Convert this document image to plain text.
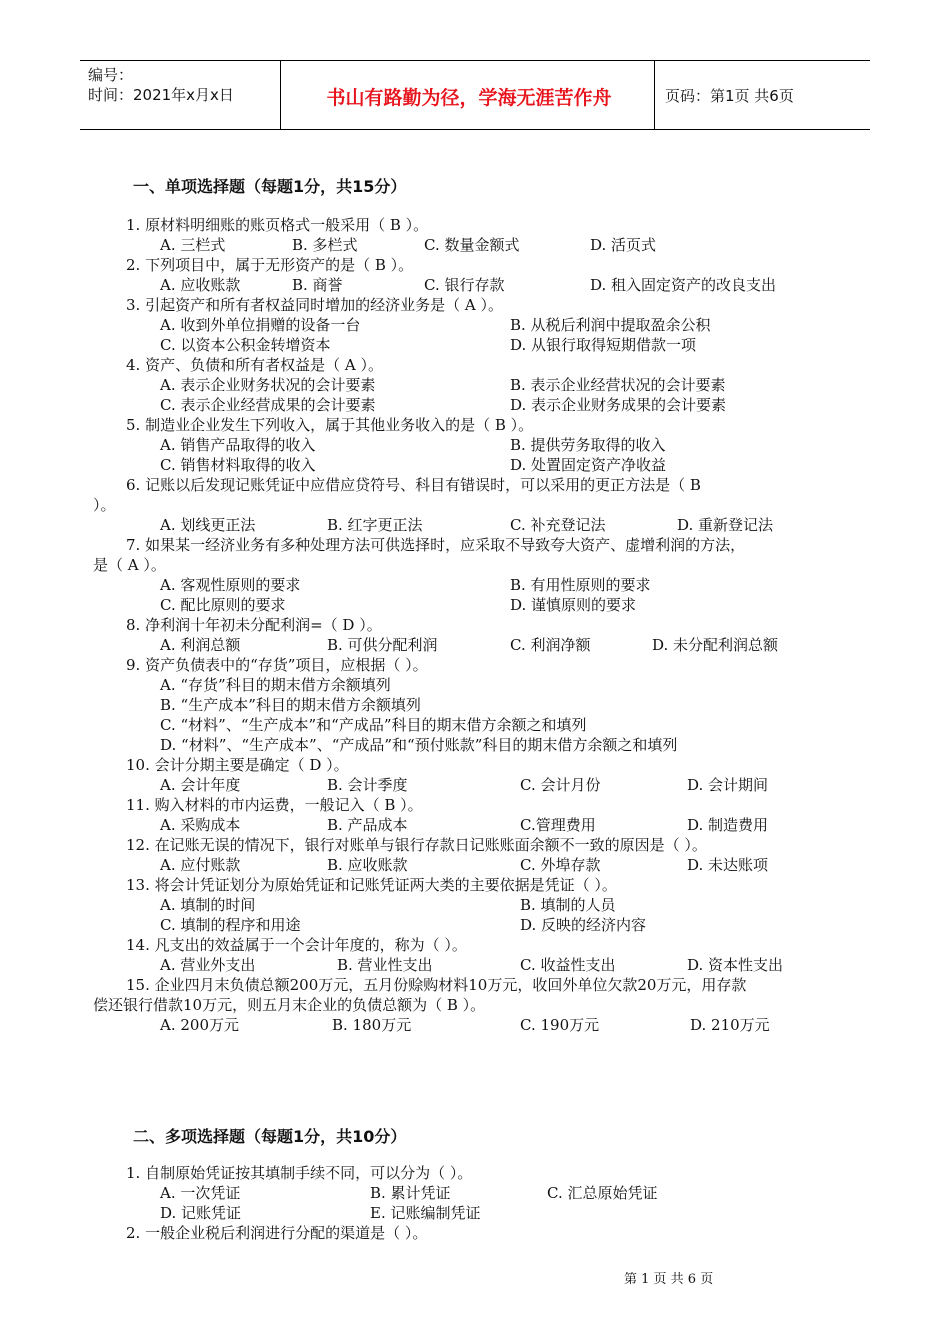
编号：
时间：2021年x月x日	书山有路勤为径，学海无涯苦作舟	页码：第1页 共6页
一、单项选择题（每题1分，共15分）
1. 原材料明细账的账页格式一般采用（ B ）。
A. 三栏式	B. 多栏式	C. 数量金额式	D. 活页式
2. 下列项目中，属于无形资产的是（ B ）。
A. 应收账款	B. 商誉	C. 银行存款	D. 租入固定资产的改良支出
3. 引起资产和所有者权益同时增加的经济业务是（ A ）。
A. 收到外单位捐赠的设备一台	B. 从税后利润中提取盈余公积
C. 以资本公积金转增资本	D. 从银行取得短期借款一项
4. 资产、负债和所有者权益是（ A ）。
A. 表示企业财务状况的会计要素	B. 表示企业经营状况的会计要素
C. 表示企业经营成果的会计要素	D. 表示企业财务成果的会计要素
5. 制造业企业发生下列收入，属于其他业务收入的是（ B ）。
A. 销售产品取得的收入	B. 提供劳务取得的收入
C. 销售材料取得的收入	D. 处置固定资产净收益
6. 记账以后发现记账凭证中应借应贷符号、科目有错误时，可以采用的更正方法是（ B
）。
A. 划线更正法	B. 红字更正法	C. 补充登记法	D. 重新登记法
7. 如果某一经济业务有多种处理方法可供选择时，应采取不导致夸大资产、虚增利润的方法，
是（ A ）。
A. 客观性原则的要求	B. 有用性原则的要求
C. 配比原则的要求	D. 谨慎原则的要求
8. 净利润十年初未分配利润=（ D ）。
A. 利润总额	B. 可供分配利润	C. 利润净额	D. 未分配利润总额
9. 资产负债表中的“存货”项目，应根据（ ）。
A. “存货”科目的期末借方余额填列
B. “生产成本”科目的期末借方余额填列
C. “材料”、“生产成本”和“产成品”科目的期末借方余额之和填列
D. “材料”、“生产成本”、“产成品”和“预付账款”科目的期末借方余额之和填列
10. 会计分期主要是确定（ D ）。
A. 会计年度	B. 会计季度	C. 会计月份	D. 会计期间
11. 购入材料的市内运费，一般记入（ B ）。
A. 采购成本	B. 产品成本	C.管理费用	D. 制造费用
12. 在记账无误的情况下，银行对账单与银行存款日记账账面余额不一致的原因是（ ）。
A. 应付账款	B. 应收账款	C. 外埠存款	D. 未达账项
13. 将会计凭证划分为原始凭证和记账凭证两大类的主要依据是凭证（ ）。
A. 填制的时间	B. 填制的人员
C. 填制的程序和用途	D. 反映的经济内容
14. 凡支出的效益属于一个会计年度的，称为（ ）。
A. 营业外支出	B. 营业性支出	C. 收益性支出	D. 资本性支出
15. 企业四月末负债总额200万元，五月份赊购材料10万元，收回外单位欠款20万元，用存款
偿还银行借款10万元，则五月末企业的负债总额为（ B ）。
A. 200万元	B. 180万元	C. 190万元	D. 210万元
二、多项选择题（每题1分，共10分）
1. 自制原始凭证按其填制手续不同，可以分为（ ）。
A. 一次凭证	B. 累计凭证	C. 汇总原始凭证
D. 记账凭证	E. 记账编制凭证
2. 一般企业税后利润进行分配的渠道是（ ）。
第 1 页 共 6 页
